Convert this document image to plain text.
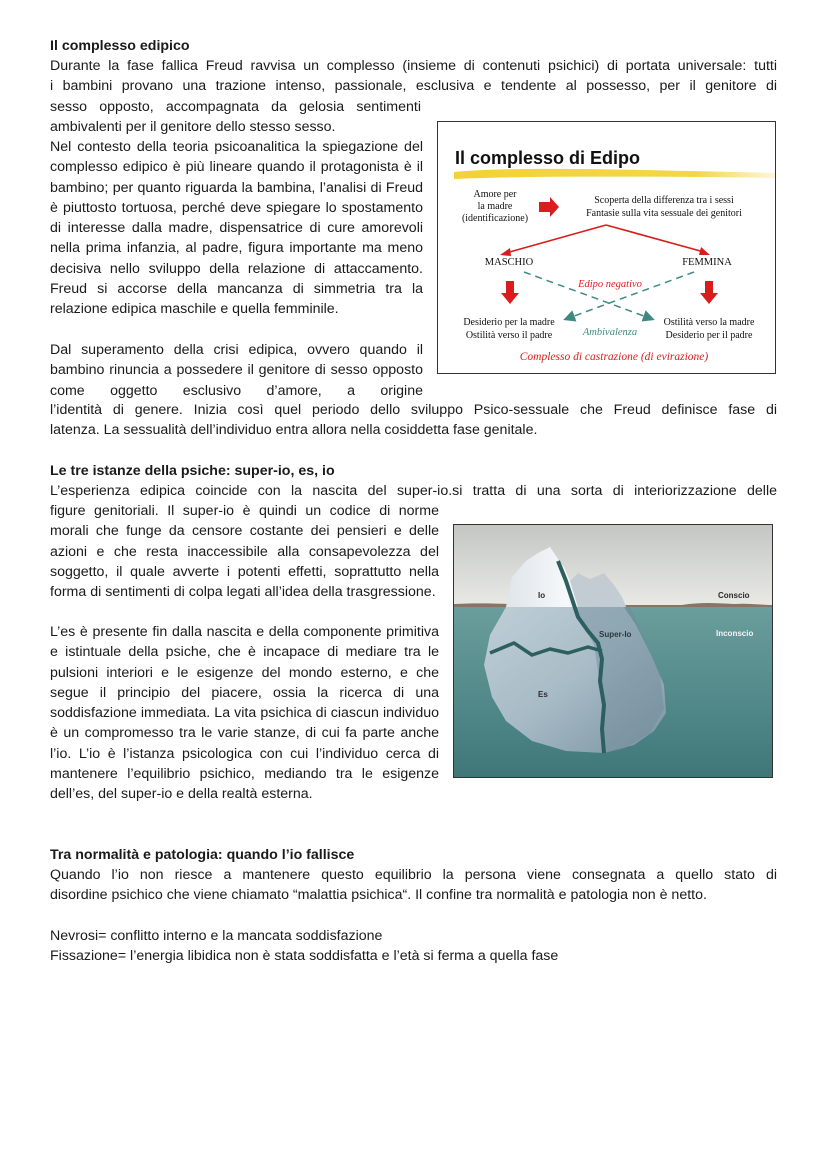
Il complesso edipico

Durante la fase fallica Freud ravvisa un complesso (insieme di contenuti psichici) di portata universale: tutti

i bambini provano una trazione intenso, passionale, esclusiva e tendente al possesso, per il genitore di

sesso opposto, accompagnata da gelosia sentimenti

ambivalenti per il genitore dello stesso sesso.

Nel contesto della teoria psicoanalitica la spiegazione del complesso edipico è più lineare quando il protagonista è il bambino; per quanto riguarda la bambina, l’analisi di Freud è piuttosto tortuosa, perché deve spiegare lo spostamento di interesse dalla madre, dispensatrice di cure amorevoli nella prima infanzia, al padre, figura importante ma meno decisiva nello sviluppo della relazione di attaccamento. Freud si accorse della mancanza di simmetria tra la relazione edipica maschile e quella femminile.

Dal superamento della crisi edipica, ovvero quando il bambino rinuncia a possedere il genitore di sesso opposto come oggetto esclusivo d’amore, a origine

l’identità di genere. Inizia così quel periodo dello sviluppo Psico-sessuale che Freud definisce fase di

latenza. La sessualità dell’individuo entra allora nella cosiddetta fase genitale.

Le tre istanze della psiche: super-io, es, io

L’esperienza edipica coincide con la nascita del super-io.si tratta di una sorta di interiorizzazione delle

figure genitoriali. Il super-io è quindi un codice di norme morali che funge da censore costante dei pensieri e delle azioni e che resta inaccessibile alla consapevolezza del soggetto, il quale avverte i potenti effetti, soprattutto nella forma di sentimenti di colpa legati all’idea della trasgressione.

L’es è presente fin dalla nascita e della componente primitiva e istintuale della psiche, che è incapace di mediare tra le pulsioni interiori e le esigenze del mondo esterno, e che segue il principio del piacere, ossia la ricerca di una soddisfazione immediata. La vita psichica di ciascun individuo è un compromesso tra le varie stanze, di cui fa parte anche l’io. L’io è l’istanza psicologica con cui l’individuo cerca di mantenere l’equilibrio psichico, mediando tra le esigenze dell’es, del super-io e della realtà esterna.

Tra normalità e patologia: quando l’io fallisce

Quando l’io non riesce a mantenere questo equilibrio la persona viene consegnata a quello stato di

disordine psichico che viene chiamato “malattia psichica“. Il confine tra normalità e patologia non è netto.

Nevrosi= conflitto interno e la mancata soddisfazione

Fissazione= l’energia libidica non è stata soddisfatta e l’età si ferma a quella fase

Il complesso di Edipo
Amore per
la madre
(identificazione)
Scoperta della differenza tra i sessi
Fantasie sulla vita sessuale dei genitori
MASCHIO	FEMMINA
Edipo negativo
Desiderio per la madre
Ostilità verso il padre
Ostilità verso la madre
Desiderio per il padre
Ambivalenza
Complesso di castrazione (di evirazione)
Io	Conscio
Super-Io	Inconscio
Es
